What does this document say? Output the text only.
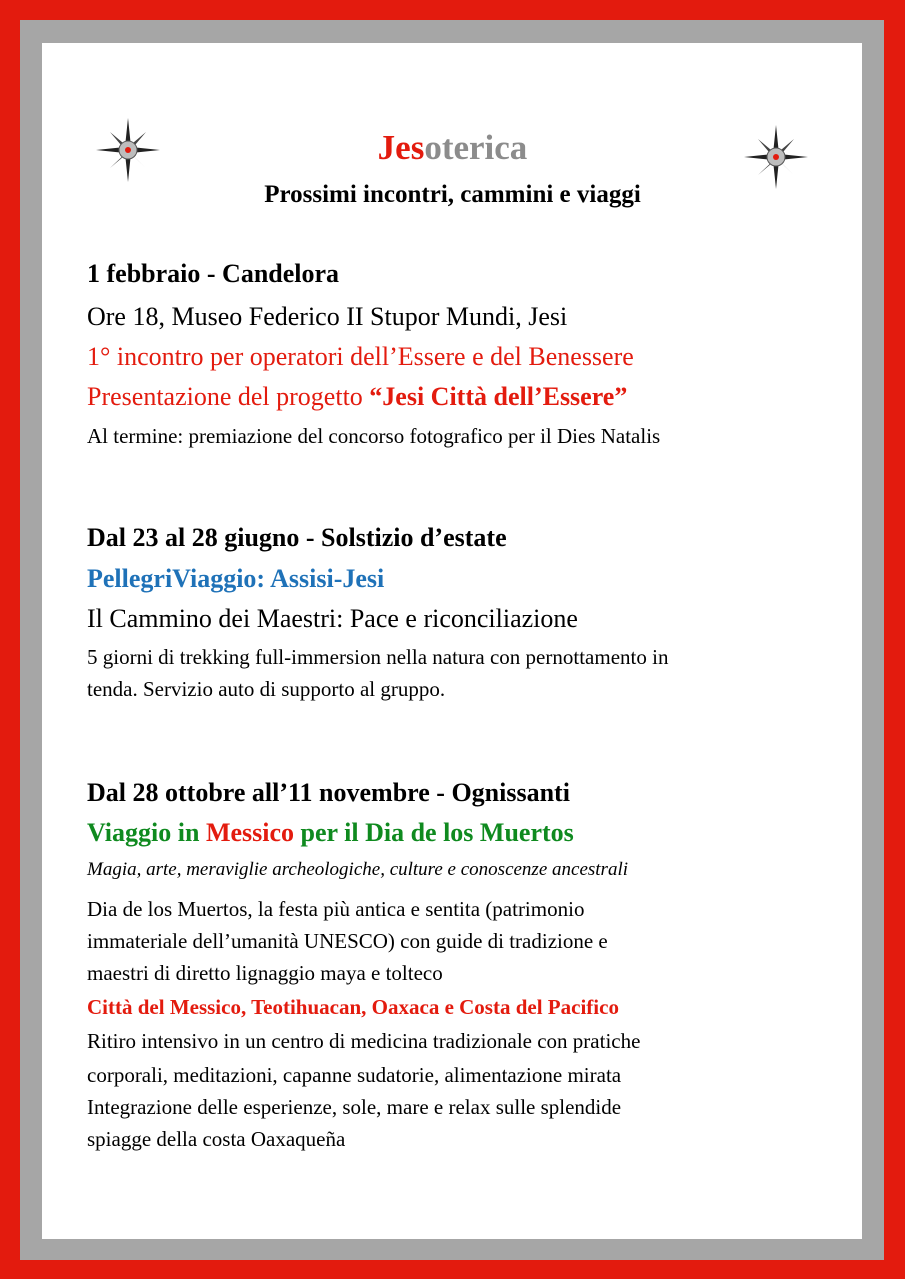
Jesoterica
Prossimi incontri, cammini e viaggi
1 febbraio - Candelora
Ore 18, Museo Federico II Stupor Mundi, Jesi
1° incontro per operatori dell’Essere e del Benessere
Presentazione del progetto “Jesi Città dell’Essere”
Al termine: premiazione del concorso fotografico per il Dies Natalis
Dal 23 al 28 giugno - Solstizio d’estate
PellegriViaggio: Assisi-Jesi
Il Cammino dei Maestri: Pace e riconciliazione
5 giorni di trekking full-immersion nella natura con pernottamento in
tenda. Servizio auto di supporto al gruppo.
Dal 28 ottobre all’11 novembre - Ognissanti
Viaggio in Messico per il Dia de los Muertos
Magia, arte, meraviglie archeologiche, culture e conoscenze ancestrali
Dia de los Muertos, la festa più antica e sentita (patrimonio
immateriale dell’umanità UNESCO) con guide di tradizione e
maestri di diretto lignaggio maya e tolteco
Città del Messico, Teotihuacan, Oaxaca e Costa del Pacifico
Ritiro intensivo in un centro di medicina tradizionale con pratiche
corporali, meditazioni, capanne sudatorie, alimentazione mirata
Integrazione delle esperienze, sole, mare e relax sulle splendide
spiagge della costa Oaxaqueña
